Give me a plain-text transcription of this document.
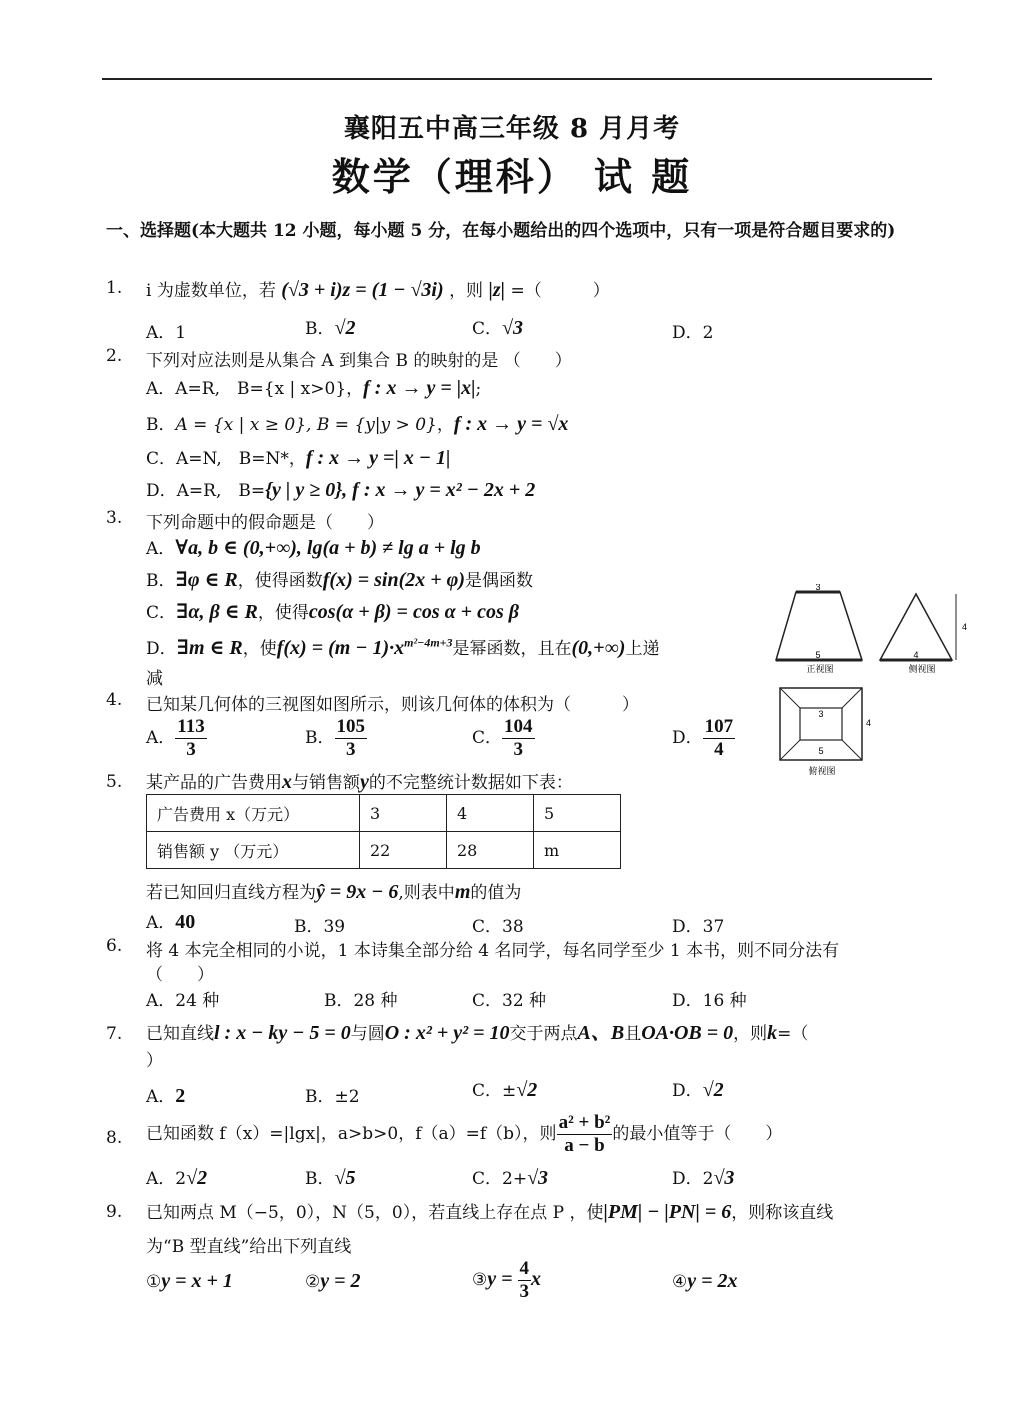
襄阳五中高三年级 8 月月考
数学（理科） 试 题
一、选择题(本大题共 12 小题，每小题 5 分，在每小题给出的四个选项中，只有一项是符合题目要求的)
1. i 为虚数单位，若 (√3 + i)z = (1 − √3i) ，则 |z| =（　　　）
A．1	B．√2	C．√3	D．2
2. 下列对应法则是从集合 A 到集合 B 的映射的是 （　　）
A．A=R,　B={x | x>0}，f : x → y = |x|;
B．A = {x | x ≥ 0}, B = {y|y > 0}，f : x → y = √x
C．A=N,　B=N*，f : x → y =| x − 1|
D．A=R,　B={y | y ≥ 0}, f : x → y = x² − 2x + 2
3. 下列命题中的假命题是（　　）
A．∀a, b ∈ (0,+∞), lg(a + b) ≠ lg a + lg b
B．∃φ ∈ R，使得函数f(x) = sin(2x + φ)是偶函数
C．∃α, β ∈ R，使得cos(α + β) = cos α + cos β
D．∃m ∈ R，使$f(x) = (m - 1)\cdot x^{m^2-4m+3}$是幂函数，且在(0,+∞)上递
减
4. 已知某几何体的三视图如图所示，则该几何体的体积为（　　　）
A． $\frac{113}{3}$	B． $\frac{105}{3}$	C． $\frac{104}{3}$	D． $\frac{107}{4}$
3
5
正视图
4
4
侧视图
3
5
4
俯视图
5. 某产品的广告费用x与销售额y的不完整统计数据如下表：
广告费用 x（万元）	3	4	5
销售额 y （万元）	22	28	m
若已知回归直线方程为ŷ = 9x − 6,则表中m的值为
A．40	B．39	C．38	D．37
6. 将 4 本完全相同的小说，1 本诗集全部分给 4 名同学，每名同学至少 1 本书，则不同分法有
（　　）
A．24 种	B．28 种	C．32 种	D．16 种
7. 已知直线l : x − ky − 5 = 0与圆O : x² + y² = 10交于两点A、B且OA·OB = 0，则k=（
）
A．2	B．±2	C．±√2	D．√2
8. 已知函数 f（x）=|lgx|，a>b>0，f（a）=f（b），则 $\frac{\text{a² + b²}}{a - b}$ 的最小值等于（　　）
A．2√2	B．√5	C．2+√3	D．2√3
9. 已知两点 M（−5，0），N（5，0），若直线上存在点 P ，使|PM| − |PN| = 6，则称该直线
为“B 型直线”给出下列直线
①y = x + 1	②y = 2	③y = $\frac{4}{3}$ x	④y = 2x
